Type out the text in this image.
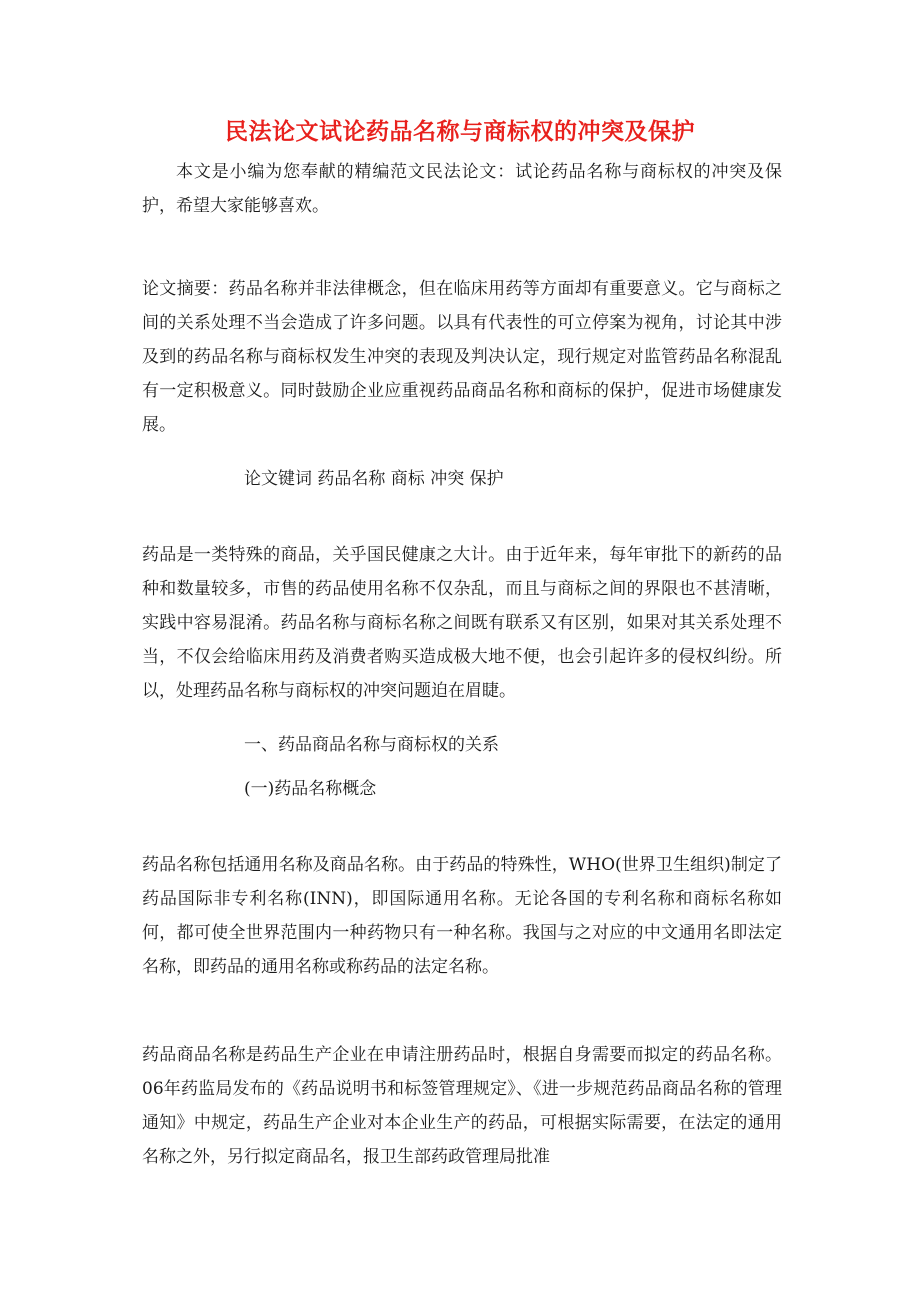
民法论文试论药品名称与商标权的冲突及保护

本文是小编为您奉献的精编范文民法论文：试论药品名称与商标权的冲突及保护，希望大家能够喜欢。

论文摘要：药品名称并非法律概念，但在临床用药等方面却有重要意义。它与商标之间的关系处理不当会造成了许多问题。以具有代表性的可立停案为视角，讨论其中涉及到的药品名称与商标权发生冲突的表现及判决认定，现行规定对监管药品名称混乱有一定积极意义。同时鼓励企业应重视药品商品名称和商标的保护，促进市场健康发展。

论文键词 药品名称 商标 冲突 保护

药品是一类特殊的商品，关乎国民健康之大计。由于近年来，每年审批下的新药的品种和数量较多，市售的药品使用名称不仅杂乱，而且与商标之间的界限也不甚清晰，实践中容易混淆。药品名称与商标名称之间既有联系又有区别，如果对其关系处理不当，不仅会给临床用药及消费者购买造成极大地不便，也会引起许多的侵权纠纷。所以，处理药品名称与商标权的冲突问题迫在眉睫。

一、药品商品名称与商标权的关系

(一)药品名称概念

药品名称包括通用名称及商品名称。由于药品的特殊性，WHO(世界卫生组织)制定了药品国际非专利名称(INN)，即国际通用名称。无论各国的专利名称和商标名称如何，都可使全世界范围内一种药物只有一种名称。我国与之对应的中文通用名即法定名称，即药品的通用名称或称药品的法定名称。

药品商品名称是药品生产企业在申请注册药品时，根据自身需要而拟定的药品名称。06年药监局发布的《药品说明书和标签管理规定》、《进一步规范药品商品名称的管理通知》中规定，药品生产企业对本企业生产的药品，可根据实际需要，在法定的通用名称之外，另行拟定商品名，报卫生部药政管理局批准
